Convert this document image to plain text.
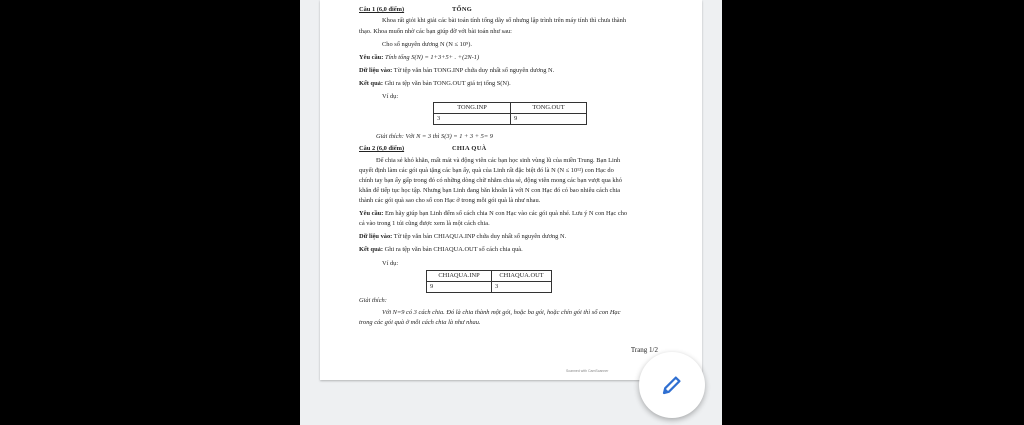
Câu 1 (6,0 điểm)	TỔNG
Khoa rất giỏi khi giải các bài toán tính tổng dãy số nhưng lập trình trên máy tính thì chưa thành
thạo. Khoa muốn nhờ các bạn giúp đỡ với bài toán như sau:
Cho số nguyên dương N (N ≤ 10⁹).
Yêu cầu: Tính tổng S(N) = 1+3+5+ . +(2N-1)
Dữ liệu vào: Từ tệp văn bản TONG.INP chứa duy nhất số nguyên dương N.
Kết quả: Ghi ra tệp văn bản TONG.OUT giá trị tổng S(N).
Ví dụ:
TONG.INP	TONG.OUT
3	9
Giải thích: Với N = 3 thì S(3) = 1 + 3 + 5= 9
Câu 2 (6,0 điểm)	CHIA QUÀ
Để chia sẻ khó khăn, mất mát và động viên các bạn học sinh vùng lũ của miền Trung. Bạn Linh
quyết định làm các gói quà tặng các bạn ấy, quà của Linh rất đặc biệt đó là N (N ≤ 10¹²) con Hạc do
chính tay bạn ấy gấp trong đó có những dòng chữ nhằm chia sẻ, động viên mong các bạn vượt qua khó
khăn để tiếp tục học tập. Nhưng bạn Linh đang băn khoăn là với N con Hạc đó có bao nhiêu cách chia
thành các gói quà sao cho số con Hạc ở trong mỗi gói quà là như nhau.
Yêu cầu: Em hãy giúp bạn Linh đếm số cách chia N con Hạc vào các gói quà nhé. Lưu ý N con Hạc cho
cả vào trong 1 túi cũng được xem là một cách chia.
Dữ liệu vào: Từ tệp văn bản CHIAQUA.INP chứa duy nhất số nguyên dương N.
Kết quả: Ghi ra tệp văn bản CHIAQUA.OUT số cách chia quà.
Ví dụ:
CHIAQUA.INP	CHIAQUA.OUT
9	3
Giải thích:
Với N=9 có 3 cách chia. Đó là chia thành một gói, hoặc ba gói, hoặc chín gói thì số con Hạc
trong các gói quà ở mỗi cách chia là như nhau.
Trang 1/2
Scanned with CamScanner
